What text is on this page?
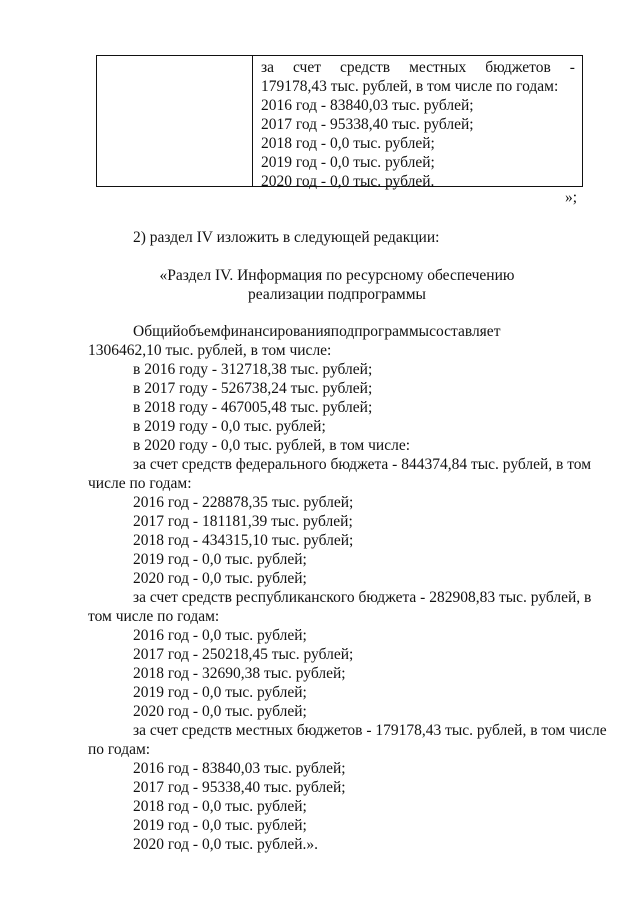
за счет средств местных бюджетов -
179178,43 тыс. рублей, в том числе по годам:
2016 год - 83840,03 тыс. рублей;
2017 год - 95338,40 тыс. рублей;
2018 год - 0,0 тыс. рублей;
2019 год - 0,0 тыс. рублей;
2020 год - 0,0 тыс. рублей.
»;
2) раздел IV изложить в следующей редакции:
«Раздел IV. Информация по ресурсному обеспечению
реализации подпрограммы
Общийобъемфинансированияподпрограммысоставляет
1306462,10 тыс. рублей, в том числе:
в 2016 году - 312718,38 тыс. рублей;
в 2017 году - 526738,24 тыс. рублей;
в 2018 году - 467005,48 тыс. рублей;
в 2019 году - 0,0 тыс. рублей;
в 2020 году - 0,0 тыс. рублей, в том числе:
за счет средств федерального бюджета - 844374,84 тыс. рублей, в том
числе по годам:
2016 год - 228878,35 тыс. рублей;
2017 год - 181181,39 тыс. рублей;
2018 год - 434315,10 тыс. рублей;
2019 год - 0,0 тыс. рублей;
2020 год - 0,0 тыс. рублей;
за счет средств республиканского бюджета - 282908,83 тыс. рублей, в
том числе по годам:
2016 год - 0,0 тыс. рублей;
2017 год - 250218,45 тыс. рублей;
2018 год - 32690,38 тыс. рублей;
2019 год - 0,0 тыс. рублей;
2020 год - 0,0 тыс. рублей;
за счет средств местных бюджетов - 179178,43 тыс. рублей, в том числе
по годам:
2016 год - 83840,03 тыс. рублей;
2017 год - 95338,40 тыс. рублей;
2018 год - 0,0 тыс. рублей;
2019 год - 0,0 тыс. рублей;
2020 год - 0,0 тыс. рублей.».
